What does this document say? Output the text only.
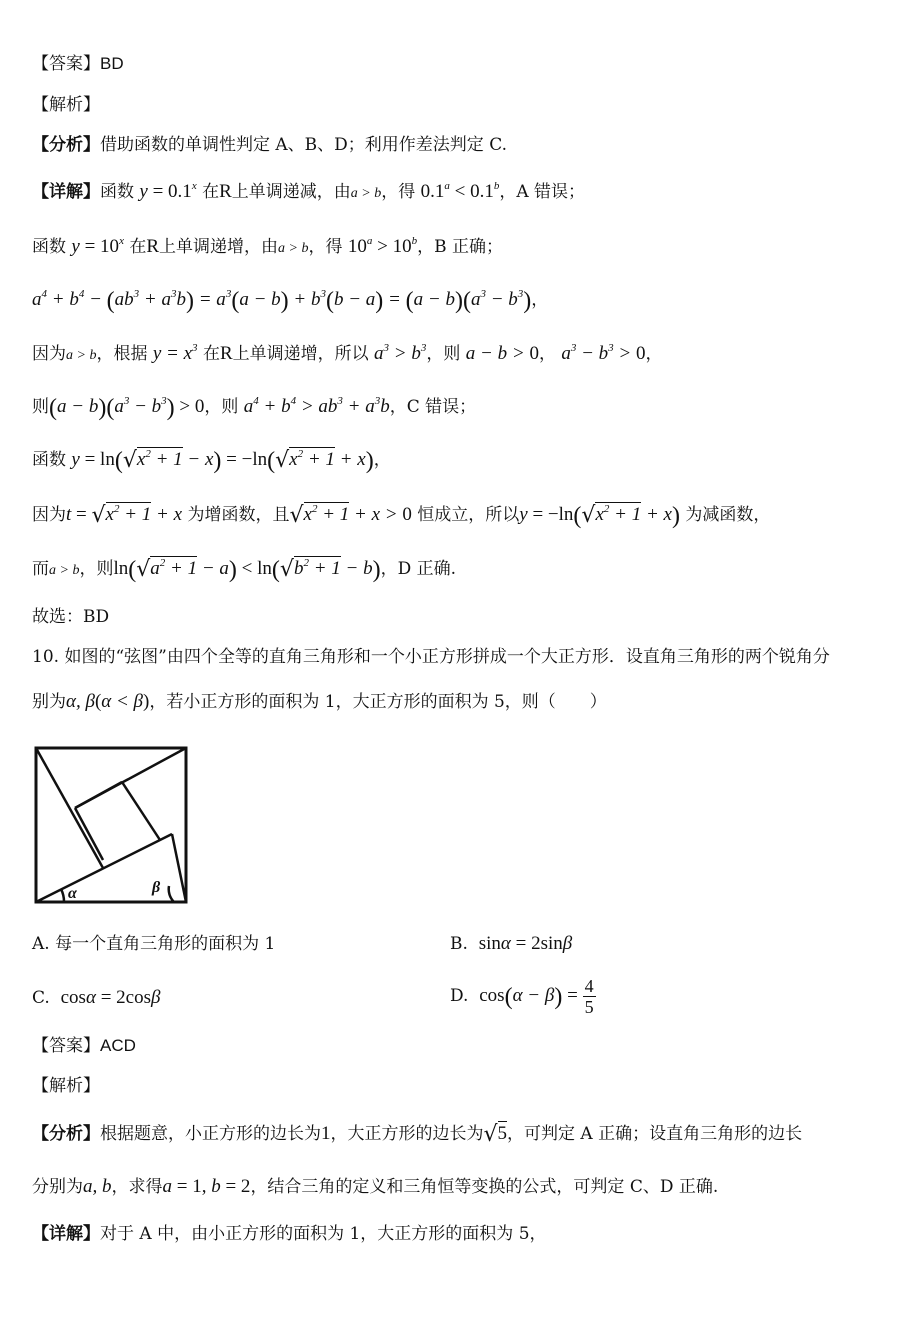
【答案】BD
【解析】
【分析】借助函数的单调性判定 A、B、D；利用作差法判定 C.
【详解】函数 $y = 0.1^x$ 在R上单调递减，由a > b，得 0.1$^a$ < 0.1$^b$，A 错误；
函数 $y = 10^x$ 在R上单调递增，由a > b，得 $10^a > 10^b$，B 正确；
$a^4 + b^4 - (ab^3 + a^3b) = a^3(a - b) + b^3(b - a) = (a - b)(a^3 - b^3)$，
因为a > b，根据 $y = x^3$ 在R上单调递增，所以 $a^3 > b^3$，则 a − b > 0， $a^3 - b^3 > 0$，
则$(a - b)(a^3 - b^3) > 0$，则 $a^4 + b^4 > ab^3 + a^3b$，C 错误；
函数 $y = \ln(√x^2 + 1 - x) = -\ln(√x^2 + 1 + x)$，
因为$t = √x^2 + 1 + x$ 为增函数，且$√x^2 + 1 + x > 0$ 恒成立，所以$y = -\ln(√x^2 + 1 + x)$ 为减函数，
而a > b，则$\ln(√a^2 + 1 - a) < \ln(√b^2 + 1 - b)$，D 正确.
故选：BD
10. 如图的“弦图”由四个全等的直角三角形和一个小正方形拼成一个大正方形．设直角三角形的两个锐角分
别为α, β(α < β)，若小正方形的面积为 1，大正方形的面积为 5，则（　　）
α	β
A. 每一个直角三角形的面积为 1	B. sinα = 2sinβ
C. cosα = 2cosβ	D. $\cos(\alpha - \beta) = \frac{4}{5}$
【答案】ACD
【解析】
【分析】根据题意，小正方形的边长为1，大正方形的边长为√5，可判定 A 正确；设直角三角形的边长
分别为a, b，求得a = 1, b = 2，结合三角的定义和三角恒等变换的公式，可判定 C、D 正确.
【详解】对于 A 中，由小正方形的面积为 1，大正方形的面积为 5，
